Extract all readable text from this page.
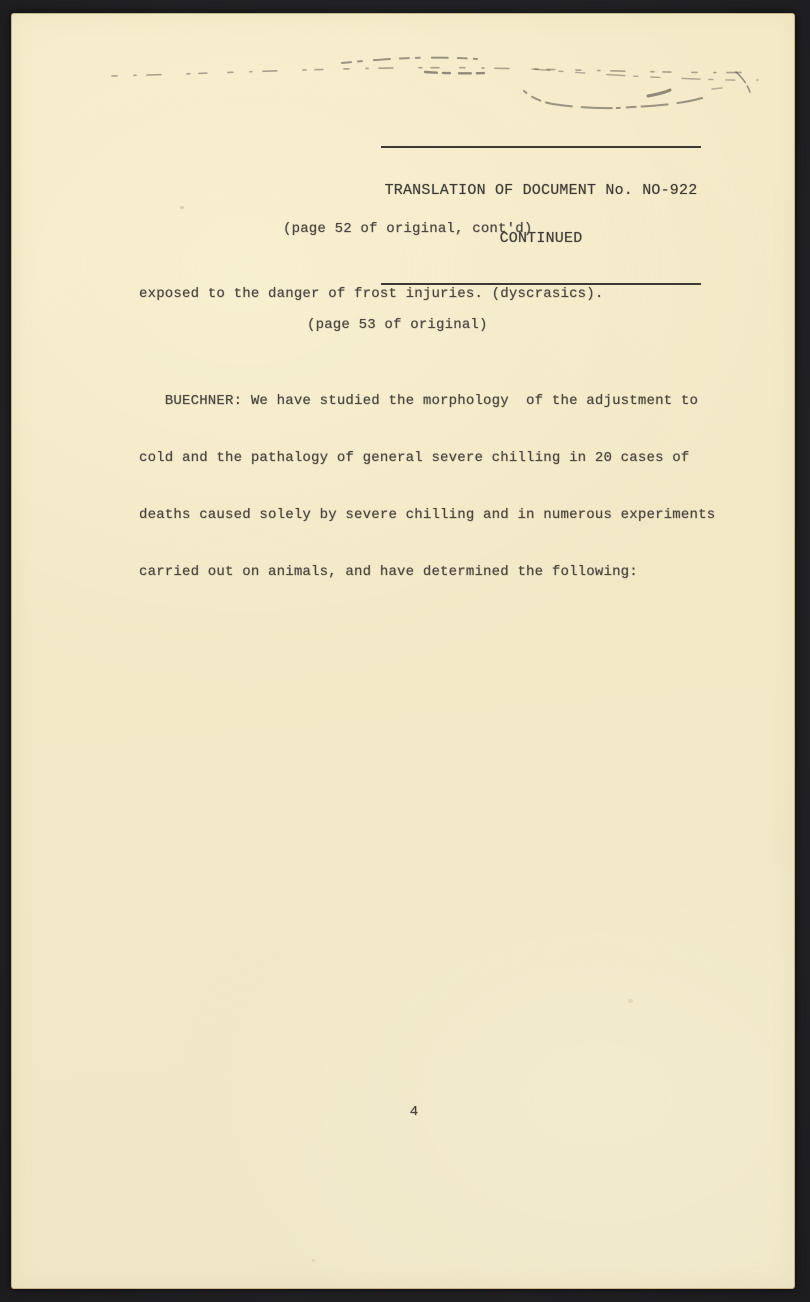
TRANSLATION OF DOCUMENT No. NO-922

CONTINUED

(page 52 of original, cont'd)
exposed to the danger of frost injuries. (dyscrasics).
(page 53 of original)

BUECHNER: We have studied the morphology  of the adjustment to

cold and the pathalogy of general severe chilling in 20 cases of

deaths caused solely by severe chilling and in numerous experiments

carried out on animals, and have determined the following:

4
